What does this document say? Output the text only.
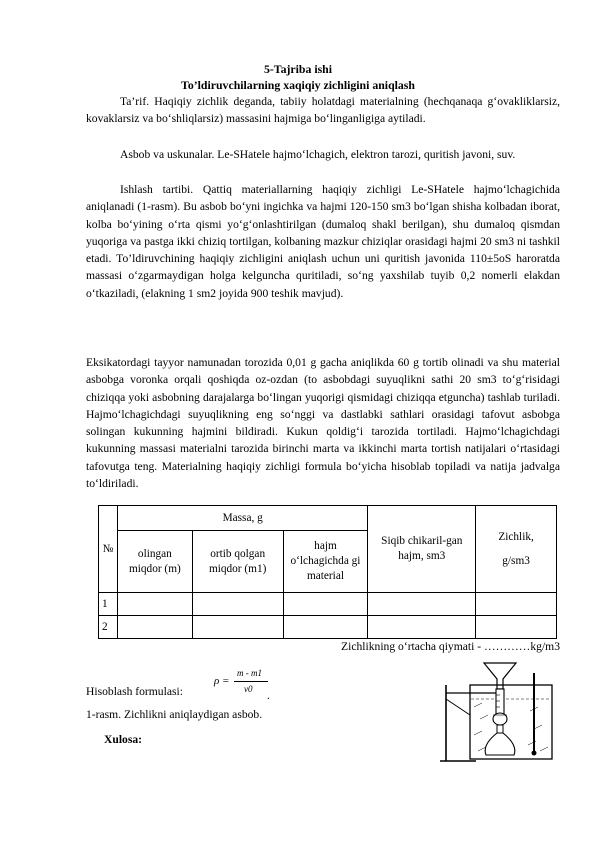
5-Tajriba ishi
To’ldiruvchilarning xaqiqiy zichligini aniqlash

Ta’rif. Haqiqiy zichlik deganda, tabiiy holatdagi materialning (hechqanaqa g‘ovakliklarsiz, kovaklarsiz va bo‘shliqlarsiz) massasini hajmiga bo‘linganligiga aytiladi.

Asbob va uskunalar. Le-SHatele hajmo‘lchagich, elektron tarozi, quritish javoni, suv.

Ishlash tartibi. Qattiq materiallarning haqiqiy zichligi Le-SHatele hajmo‘lchagichida aniqlanadi (1-rasm). Bu asbob bo‘yni ingichka va hajmi 120-150 sm3 bo‘lgan shisha kolbadan iborat, kolba bo‘yining o‘rta qismi yo‘g‘onlashtirilgan (dumaloq shakl berilgan), shu dumaloq qismdan yuqoriga va pastga ikki chiziq tortilgan, kolbaning mazkur chiziqlar orasidagi hajmi 20 sm3 ni tashkil etadi. To’ldiruvchining haqiqiy zichligini aniqlash uchun uni quritish javonida 110±5oS haroratda massasi o‘zgarmaydigan holga kelguncha quritiladi, so‘ng yaxshilab tuyib 0,2 nomerli elakdan o‘tkaziladi, (elakning 1 sm2 joyida 900 teshik mavjud).

Eksikatordagi tayyor namunadan torozida 0,01 g gacha aniqlikda 60 g tortib olinadi va shu material asbobga voronka orqali qoshiqda oz-ozdan (to asbobdagi suyuqlikni sathi 20 sm3 to‘g‘risidagi chiziqqa yoki asbobning darajalarga bo‘lingan yuqorigi qismidagi chiziqqa etguncha) tashlab turiladi. Hajmo‘lchagichdagi suyuqlikning eng so‘nggi va dastlabki sathlari orasidagi tafovut asbobga solingan kukunning hajmini bildiradi. Kukun qoldig‘i tarozida tortiladi. Hajmo‘lchagichdagi kukunning massasi materialni tarozida birinchi marta va ikkinchi marta tortish natijalari o‘rtasidagi tafovutga teng. Materialning haqiqiy zichligi formula bo‘yicha hisoblab topiladi va natija jadvalga to‘ldiriladi.

№	Massa, g			Siqib chikaril-gan hajm, sm3	Zichlik,
g/sm3

	olingan miqdor (m)	ortib qolgan miqdor (m1)	hajm o‘lchagichda gi material		

1					
2					
Zichlikning o‘rtacha qiymati - …………kg/m3
ρ =
m - m1
v0 .
Hisoblash formulasi:
1-rasm. Zichlikni aniqlaydigan asbob.
Xulosa:
